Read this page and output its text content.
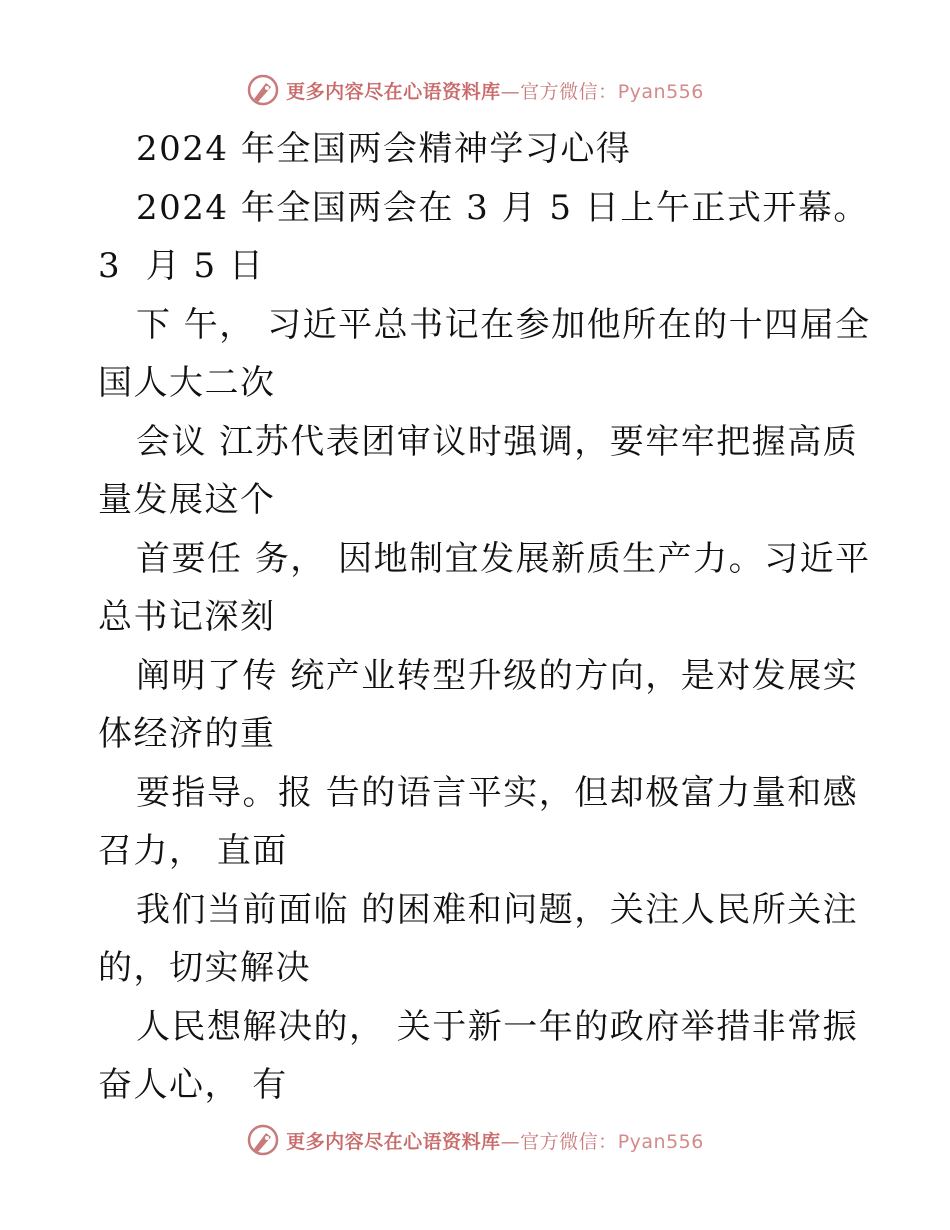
更多内容尽在心语资料库—官方微信：Pyan556
2024 年全国两会精神学习心得
2024 年全国两会在 3 月 5 日上午正式开幕。
3  月 5 日
下 午， 习近平总书记在参加他所在的十四届全
国人大二次
会议 江苏代表团审议时强调，要牢牢把握高质
量发展这个
首要任 务， 因地制宜发展新质生产力。习近平
总书记深刻
阐明了传 统产业转型升级的方向，是对发展实
体经济的重
要指导。报 告的语言平实，但却极富力量和感
召力， 直面
我们当前面临 的困难和问题，关注人民所关注
的，切实解决
人民想解决的， 关于新一年的政府举措非常振
奋人心， 有
更多内容尽在心语资料库—官方微信：Pyan556
